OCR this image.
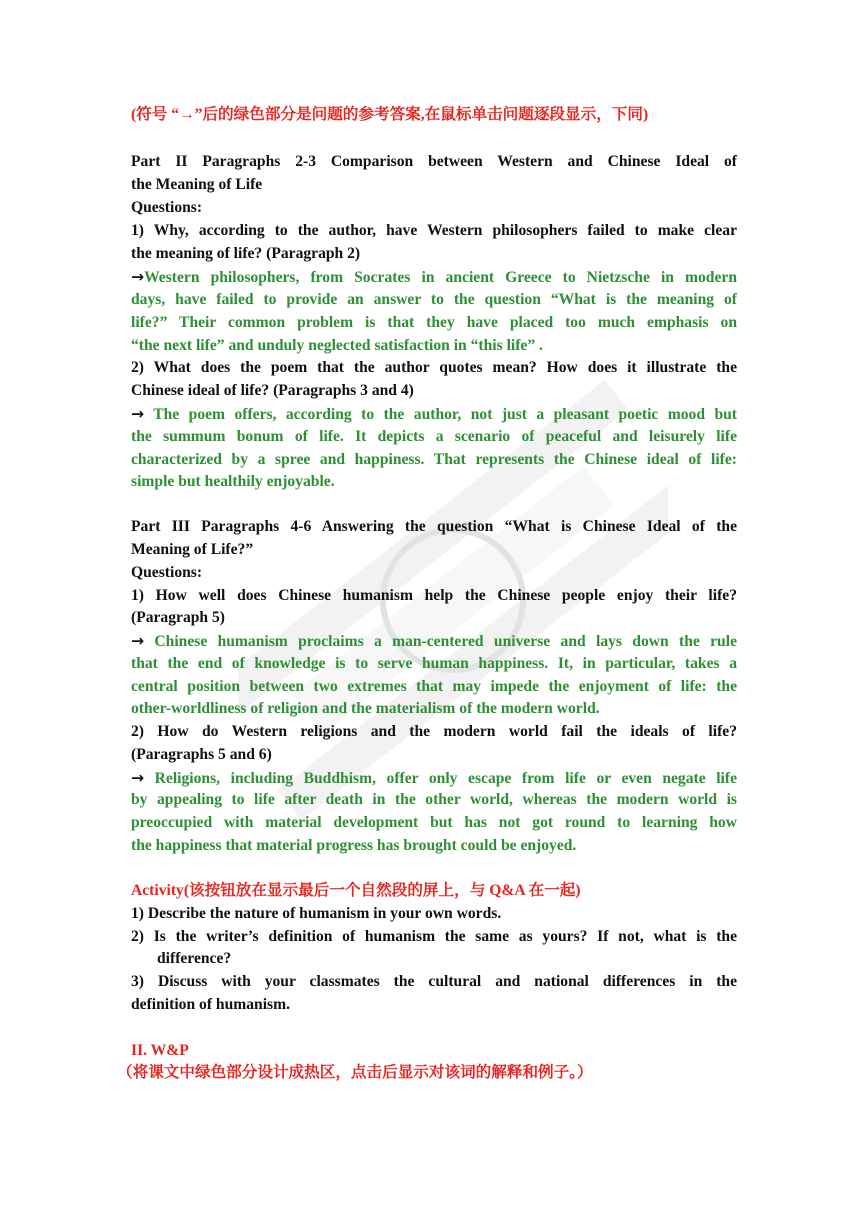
(符号 “→”后的绿色部分是问题的参考答案,在鼠标单击问题逐段显示，下同)
Part II Paragraphs 2-3 Comparison between Western and Chinese Ideal of
the Meaning of Life
Questions:
1) Why, according to the author, have Western philosophers failed to make clear
the meaning of life? (Paragraph 2)
→Western philosophers, from Socrates in ancient Greece to Nietzsche in modern
days, have failed to provide an answer to the question “What is the meaning of
life?” Their common problem is that they have placed too much emphasis on
“the next life” and unduly neglected satisfaction in “this life” .
2) What does the poem that the author quotes mean? How does it illustrate the
Chinese ideal of life? (Paragraphs 3 and 4)
→ The poem offers, according to the author, not just a pleasant poetic mood but
the summum bonum of life. It depicts a scenario of peaceful and leisurely life
characterized by a spree and happiness. That represents the Chinese ideal of life:
simple but healthily enjoyable.
Part III Paragraphs 4-6 Answering the question “What is Chinese Ideal of the
Meaning of Life?”
Questions:
1) How well does Chinese humanism help the Chinese people enjoy their life?
(Paragraph 5)
→ Chinese humanism proclaims a man-centered universe and lays down the rule
that the end of knowledge is to serve human happiness. It, in particular, takes a
central position between two extremes that may impede the enjoyment of life: the
other-worldliness of religion and the materialism of the modern world.
2) How do Western religions and the modern world fail the ideals of life?
(Paragraphs 5 and 6)
→ Religions, including Buddhism, offer only escape from life or even negate life
by appealing to life after death in the other world, whereas the modern world is
preoccupied with material development but has not got round to learning how
the happiness that material progress has brought could be enjoyed.
Activity(该按钮放在显示最后一个自然段的屏上，与 Q&A 在一起)
1) Describe the nature of humanism in your own words.
2) Is the writer’s definition of humanism the same as yours? If not, what is the
difference?
3) Discuss with your classmates the cultural and national differences in the
definition of humanism.
II. W&P
（将课文中绿色部分设计成热区，点击后显示对该词的解释和例子。）
